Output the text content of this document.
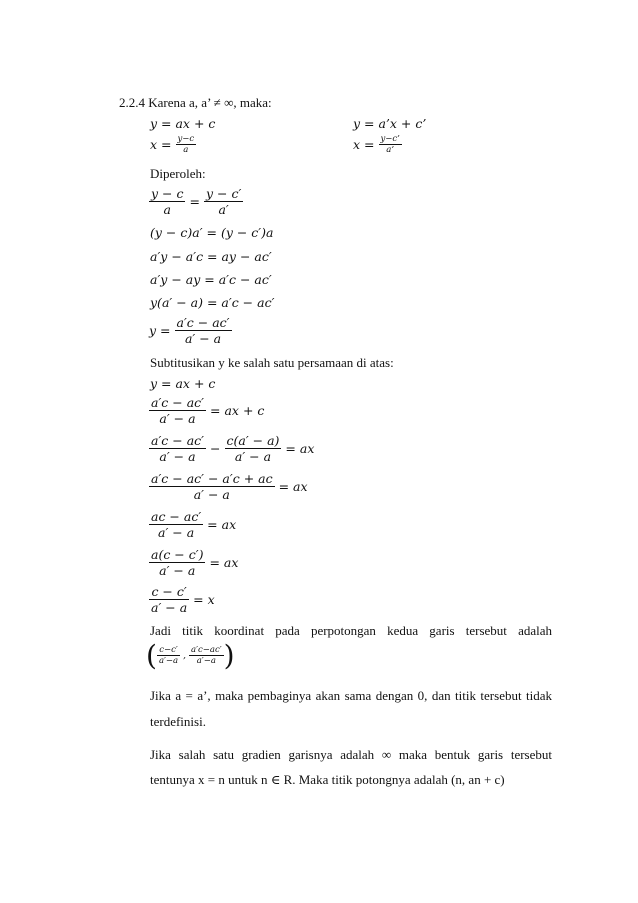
2.2.4 Karena a, a’ ≠ ∞, maka:
y = ax + c	y = a’x + c’
$x = \frac{y-c}{a}$	$x = \frac{y-c’}{a’}$
Diperoleh:
$\frac{y - c}{a} = \frac{y - c'}{a'}$
(y − c)a′ = (y − c′)a
a′y − a′c = ay − ac′
a′y − ay = a′c − ac′
y(a′ − a) = a′c − ac′
$y = \frac{a'c - ac'}{a' - a}$
Subtitusikan y ke salah satu persamaan di atas:
y = ax + c
$\frac{a'c - ac'}{a' - a}$ = ax + c
$\frac{a'c - ac'}{a' - a} - \frac{c(a' - a)}{a' - a}$ = ax
$\frac{a'c - ac' - a'c + ac}{a' - a}$ = ax
$\frac{ac - ac'}{a' - a}$ = ax
$\frac{a(c - c')}{a' - a}$ = ax
$\frac{c - c'}{a' - a} = x$
Jadi titik koordinat pada perpotongan kedua garis tersebut adalah
( $\frac{c-c'}{a'-a}$ , $\frac{a'c-ac'}{a'-a}$ )
Jika a = a’, maka pembaginya akan sama dengan 0, dan titik tersebut tidak
terdefinisi.
Jika salah satu gradien garisnya adalah ∞ maka bentuk garis tersebut
tentunya x = n untuk n ∈ R. Maka titik potongnya adalah (n, an + c)
